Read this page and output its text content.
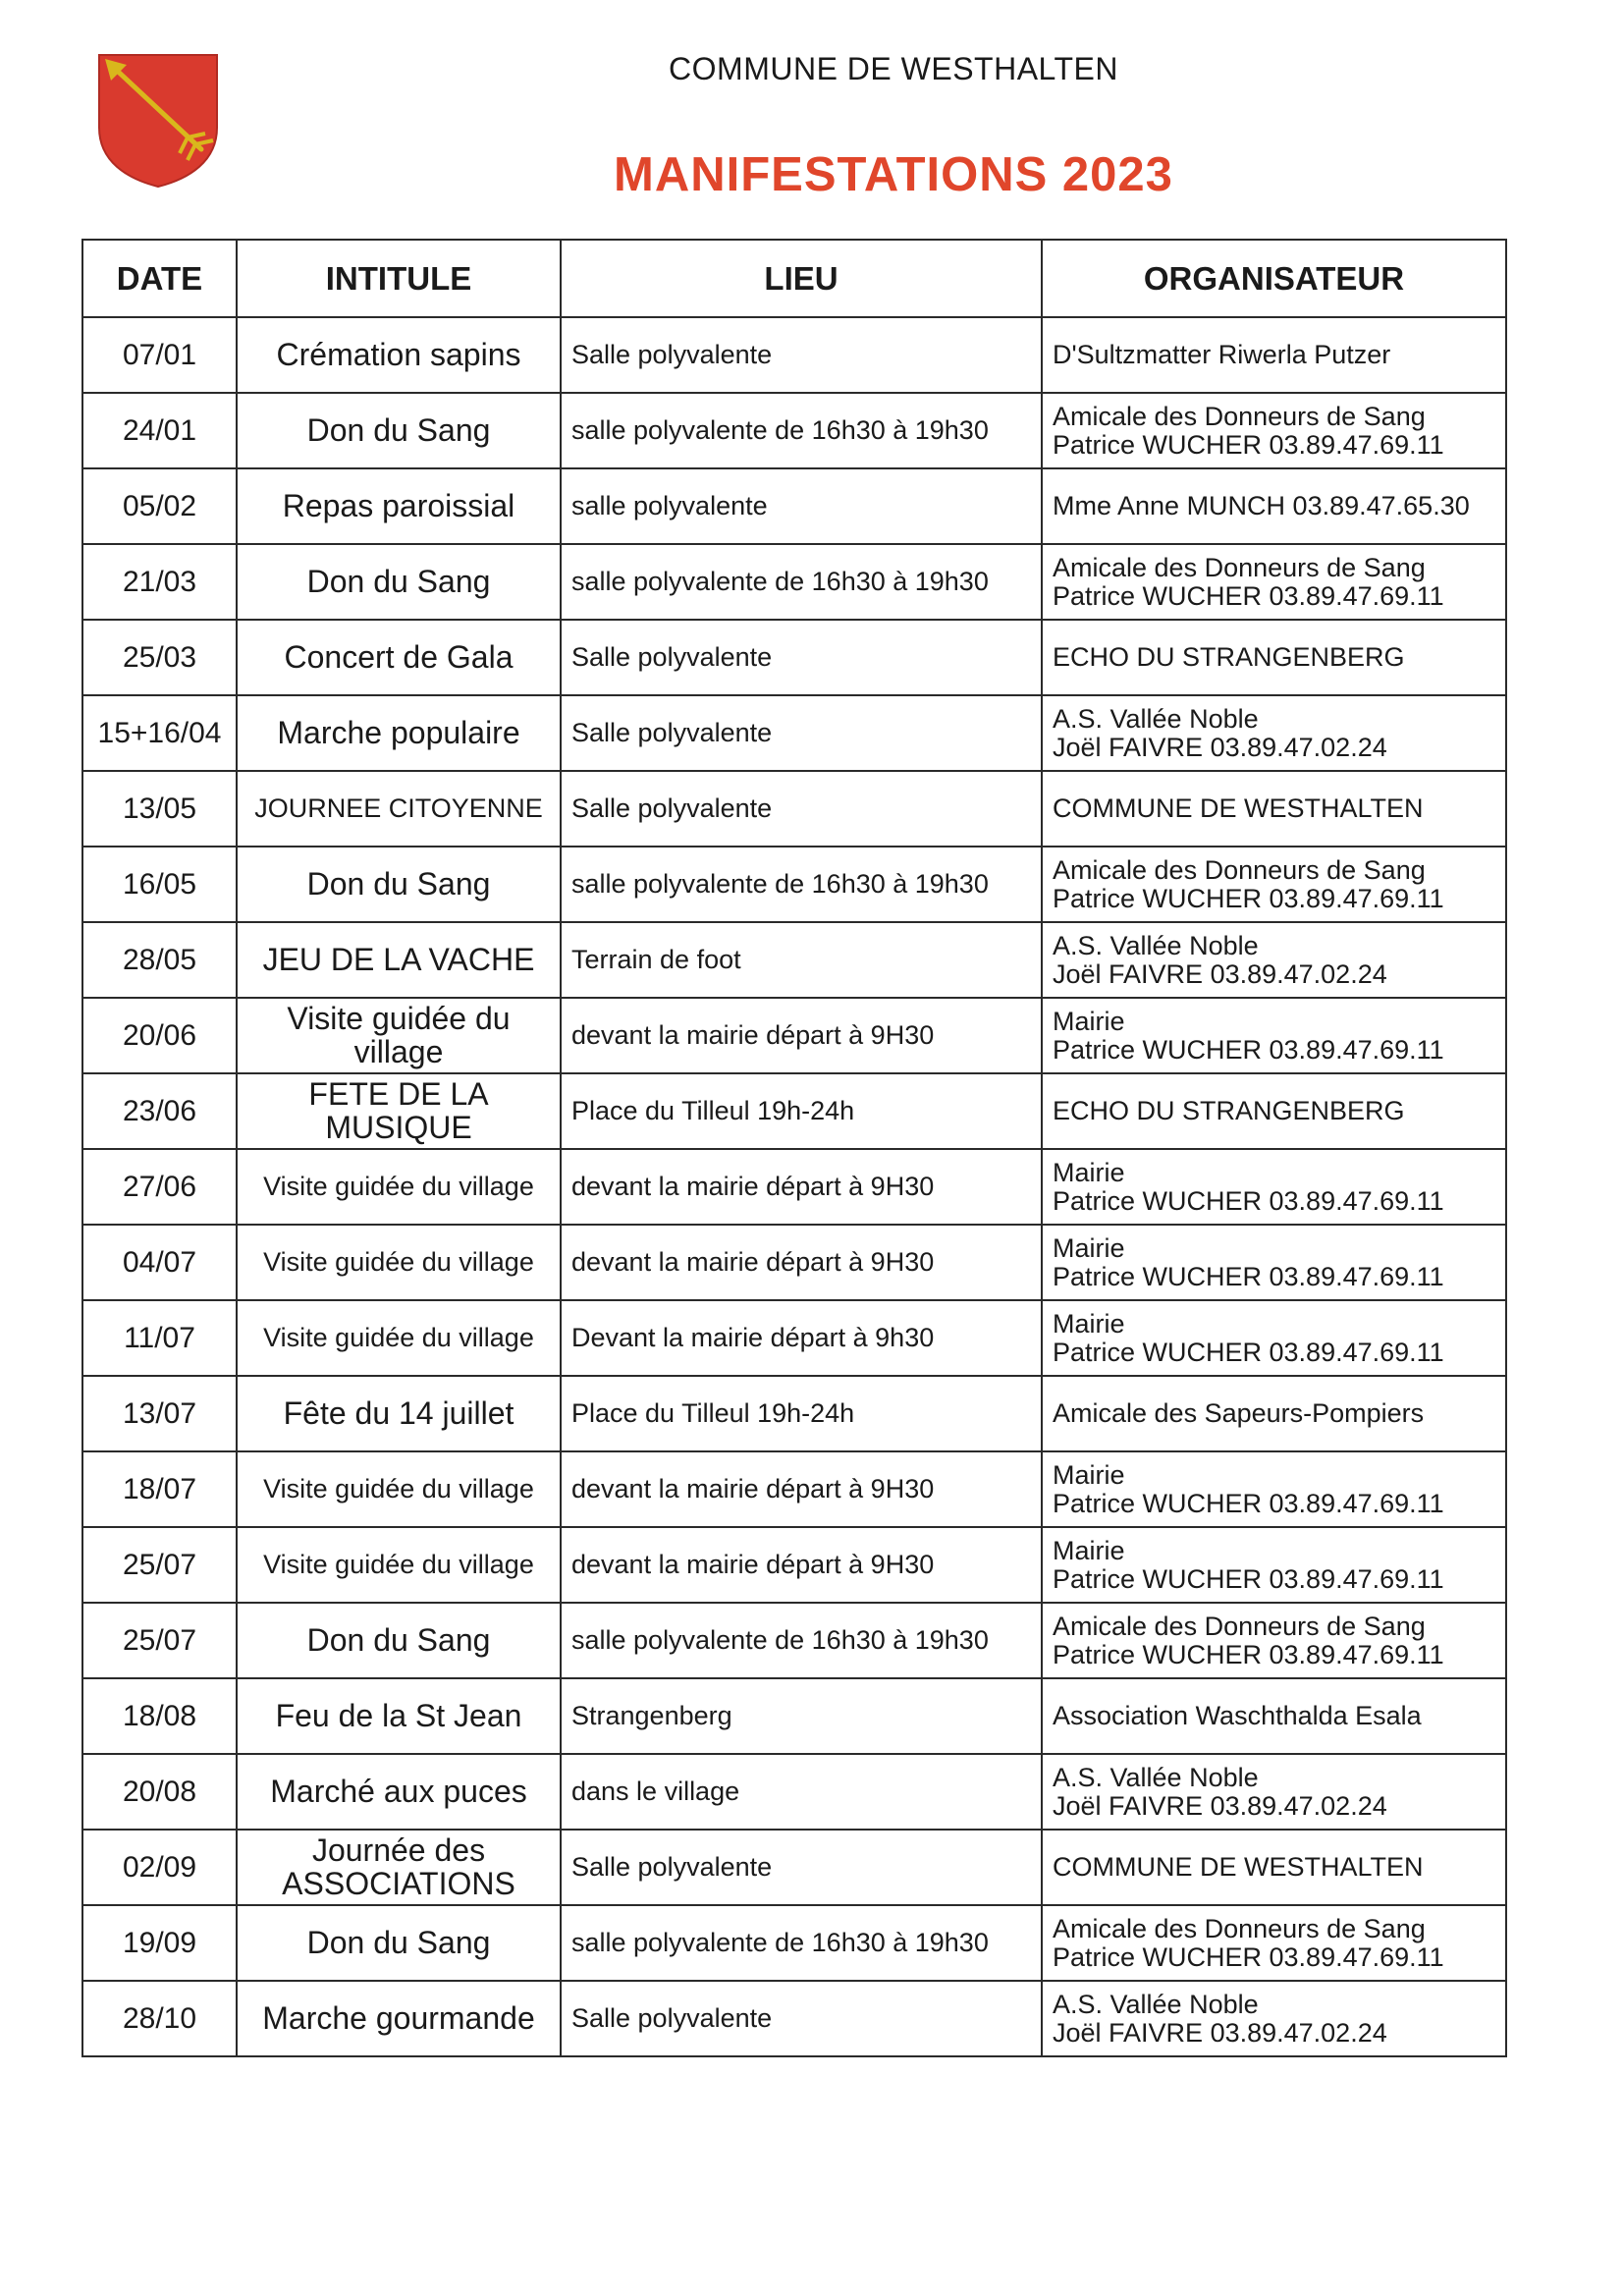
COMMUNE DE WESTHALTEN
MANIFESTATIONS 2023
DATE	INTITULE	LIEU	ORGANISATEUR
07/01	Crémation sapins	Salle polyvalente	D'Sultzmatter Riwerla Putzer

24/01	Don du Sang	salle polyvalente de 16h30 à 19h30	Amicale des Donneurs de Sang
Patrice WUCHER 03.89.47.69.11

05/02	Repas paroissial	salle polyvalente	Mme Anne MUNCH 03.89.47.65.30

21/03	Don du Sang	salle polyvalente de 16h30 à 19h30	Amicale des Donneurs de Sang
Patrice WUCHER 03.89.47.69.11

25/03	Concert de Gala	Salle polyvalente	ECHO DU STRANGENBERG

15+16/04	Marche populaire	Salle polyvalente	A.S. Vallée Noble
Joël FAIVRE 03.89.47.02.24

13/05	JOURNEE CITOYENNE	Salle polyvalente	COMMUNE DE WESTHALTEN

16/05	Don du Sang	salle polyvalente de 16h30 à 19h30	Amicale des Donneurs de Sang
Patrice WUCHER 03.89.47.69.11

28/05	JEU DE LA VACHE	Terrain de foot	A.S. Vallée Noble
Joël FAIVRE 03.89.47.02.24

20/06	Visite guidée du village	devant la mairie départ à 9H30	Mairie
Patrice WUCHER 03.89.47.69.11

23/06	FETE DE LA MUSIQUE	Place du Tilleul 19h-24h	ECHO DU STRANGENBERG

27/06	Visite guidée du village	devant la mairie départ à 9H30	Mairie
Patrice WUCHER 03.89.47.69.11

04/07	Visite guidée du village	devant la mairie départ à 9H30	Mairie
Patrice WUCHER 03.89.47.69.11

11/07	Visite guidée du village	Devant la mairie départ à 9h30	Mairie
Patrice WUCHER 03.89.47.69.11

13/07	Fête du 14 juillet	Place du Tilleul 19h-24h	Amicale des Sapeurs-Pompiers

18/07	Visite guidée du village	devant la mairie départ à 9H30	Mairie
Patrice WUCHER 03.89.47.69.11

25/07	Visite guidée du village	devant la mairie départ à 9H30	Mairie
Patrice WUCHER 03.89.47.69.11

25/07	Don du Sang	salle polyvalente de 16h30 à 19h30	Amicale des Donneurs de Sang
Patrice WUCHER 03.89.47.69.11

18/08	Feu de la St Jean	Strangenberg	Association Waschthalda Esala

20/08	Marché aux puces	dans le village	A.S. Vallée Noble
Joël FAIVRE 03.89.47.02.24

02/09	Journée des ASSOCIATIONS	Salle polyvalente	COMMUNE DE WESTHALTEN

19/09	Don du Sang	salle polyvalente de 16h30 à 19h30	Amicale des Donneurs de Sang
Patrice WUCHER 03.89.47.69.11

28/10	Marche gourmande	Salle polyvalente	A.S. Vallée Noble
Joël FAIVRE 03.89.47.02.24
